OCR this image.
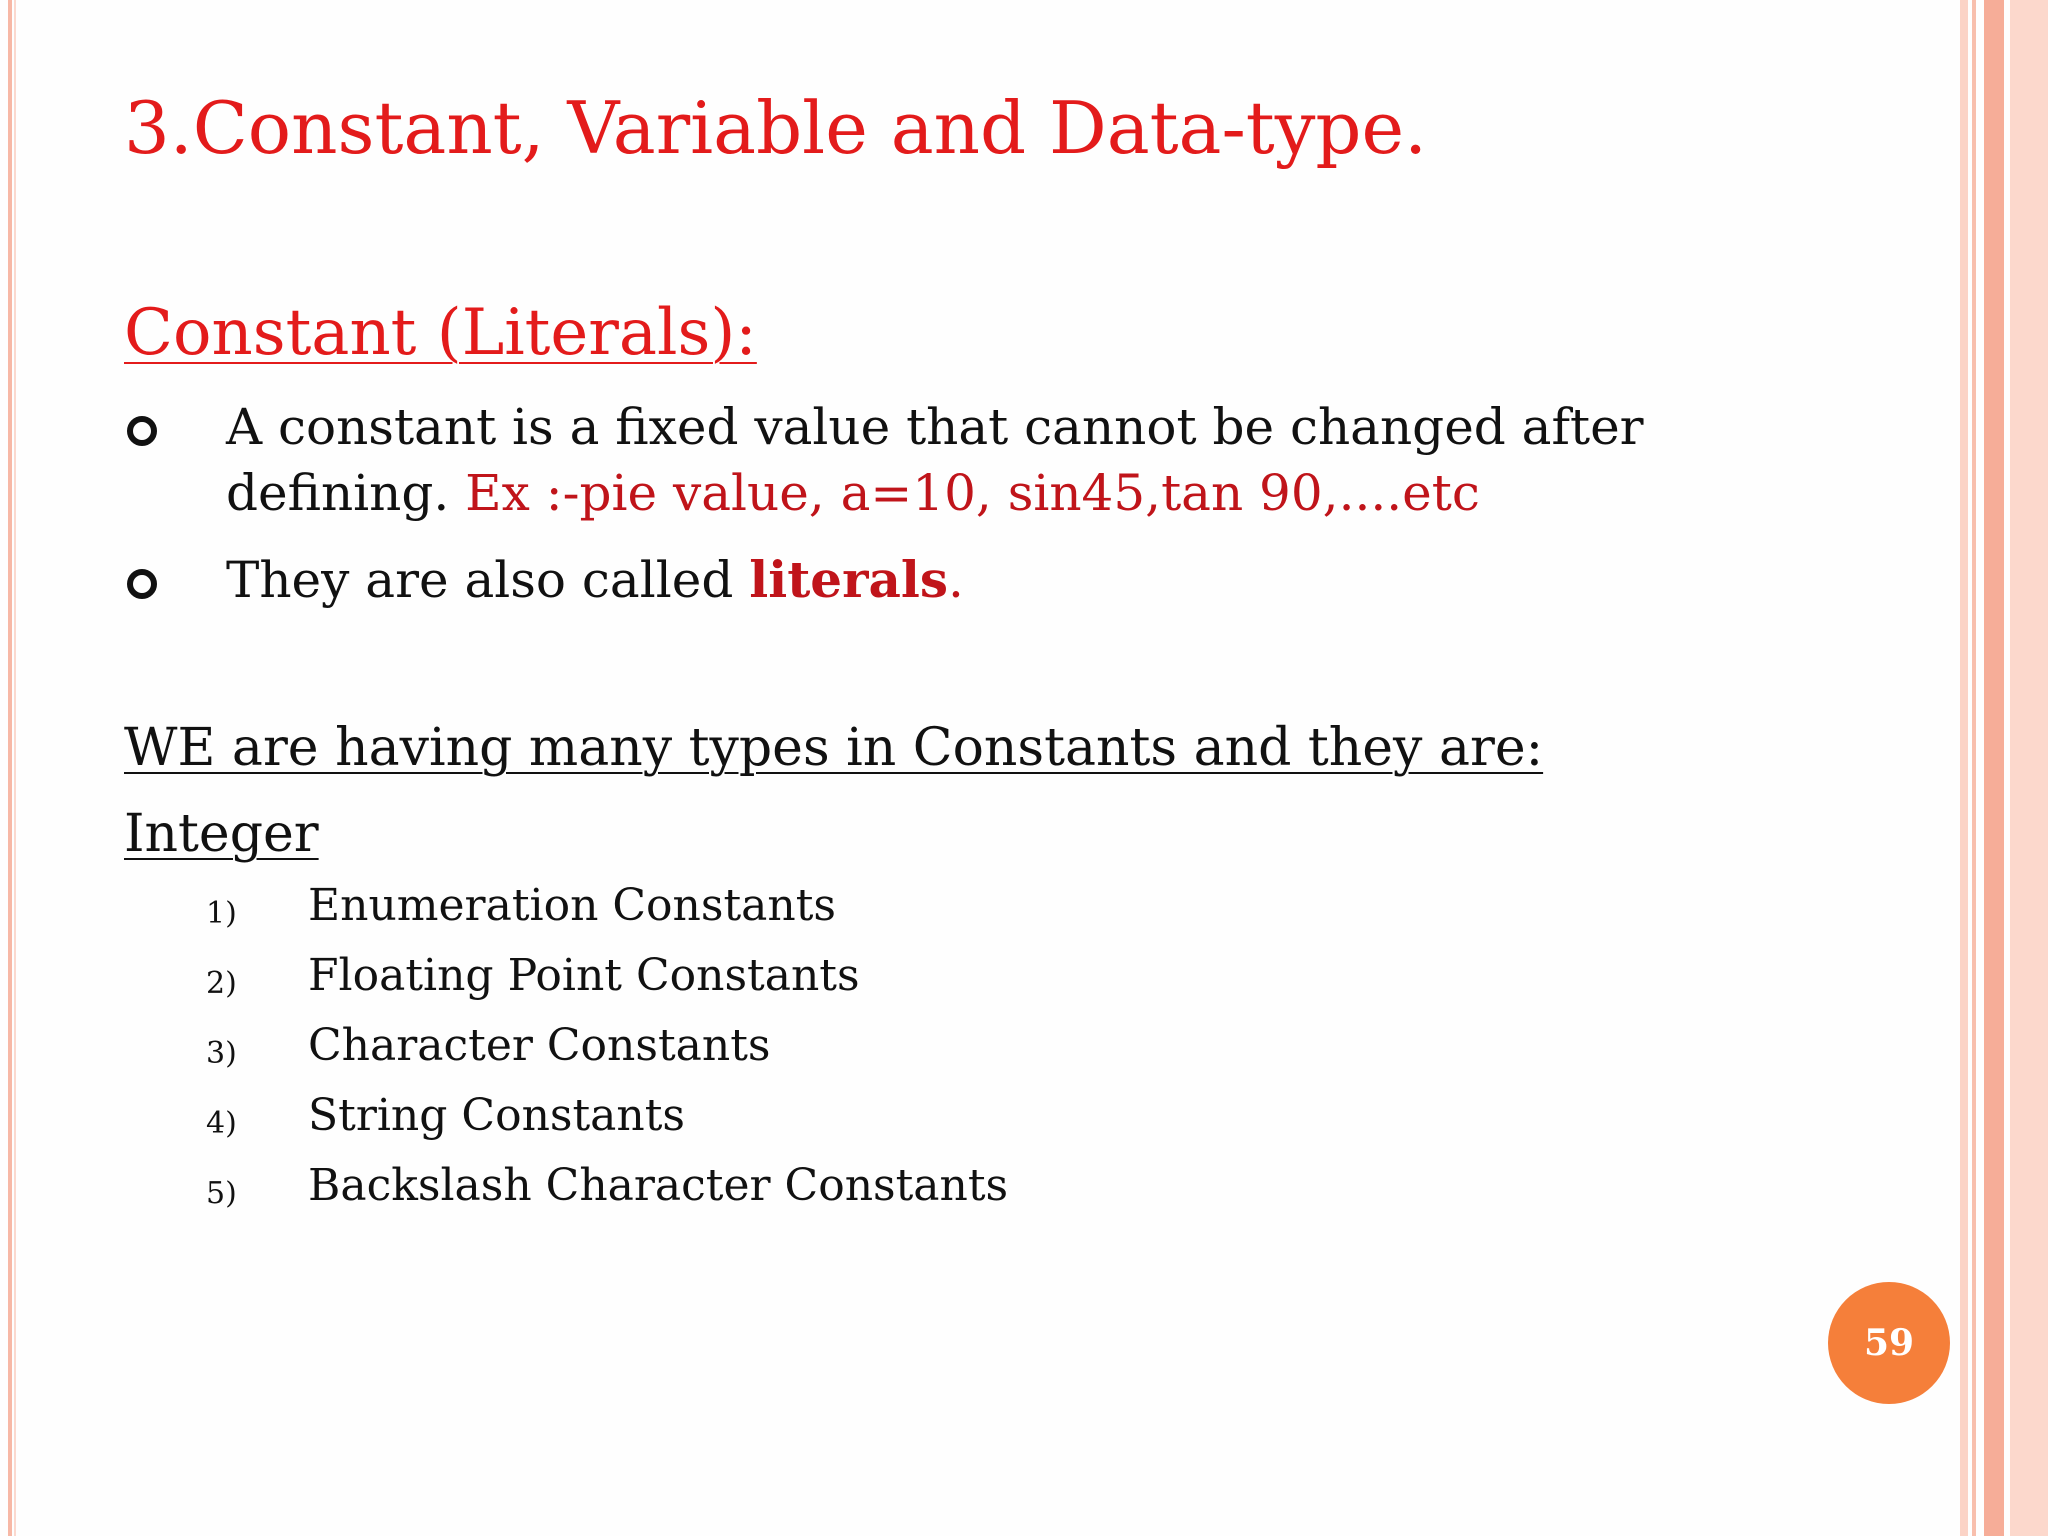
3.Constant, Variable and Data-type.
Constant (Literals):
A constant is a fixed value that cannot be changed after
defining. Ex :-pie value, a=10, sin45,tan 90,....etc
They are also called literals.
WE are having many types in Constants and they are:
Integer
1) Enumeration Constants
2) Floating Point Constants
3) Character Constants
4) String Constants
5) Backslash Character Constants
59
